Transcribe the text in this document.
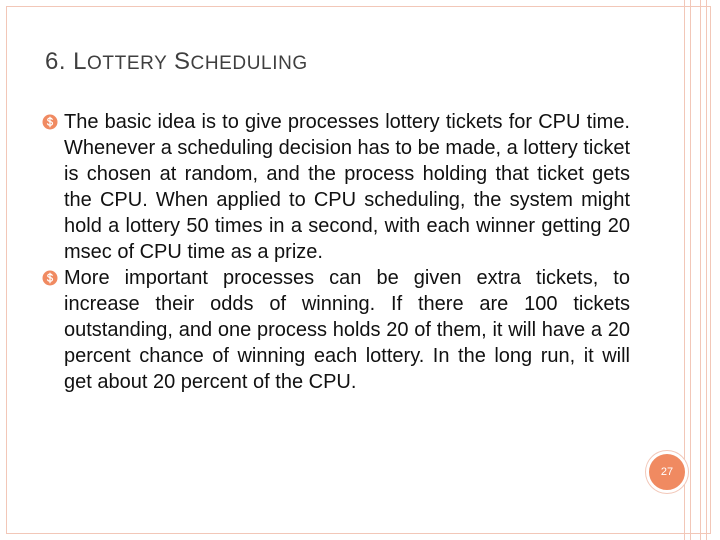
6. LOTTERY SCHEDULING
The basic idea is to give processes lottery tickets for CPU time. Whenever a scheduling decision has to be made, a lottery ticket is chosen at random, and the process holding that ticket gets the CPU. When applied to CPU scheduling, the system might hold a lottery 50 times in a second, with each winner getting 20 msec of CPU time as a prize.
More important processes can be given extra tickets, to increase their odds of winning. If there are 100 tickets outstanding, and one process holds 20 of them, it will have a 20 percent chance of winning each lottery. In the long run, it will get about 20 percent of the CPU.
27
